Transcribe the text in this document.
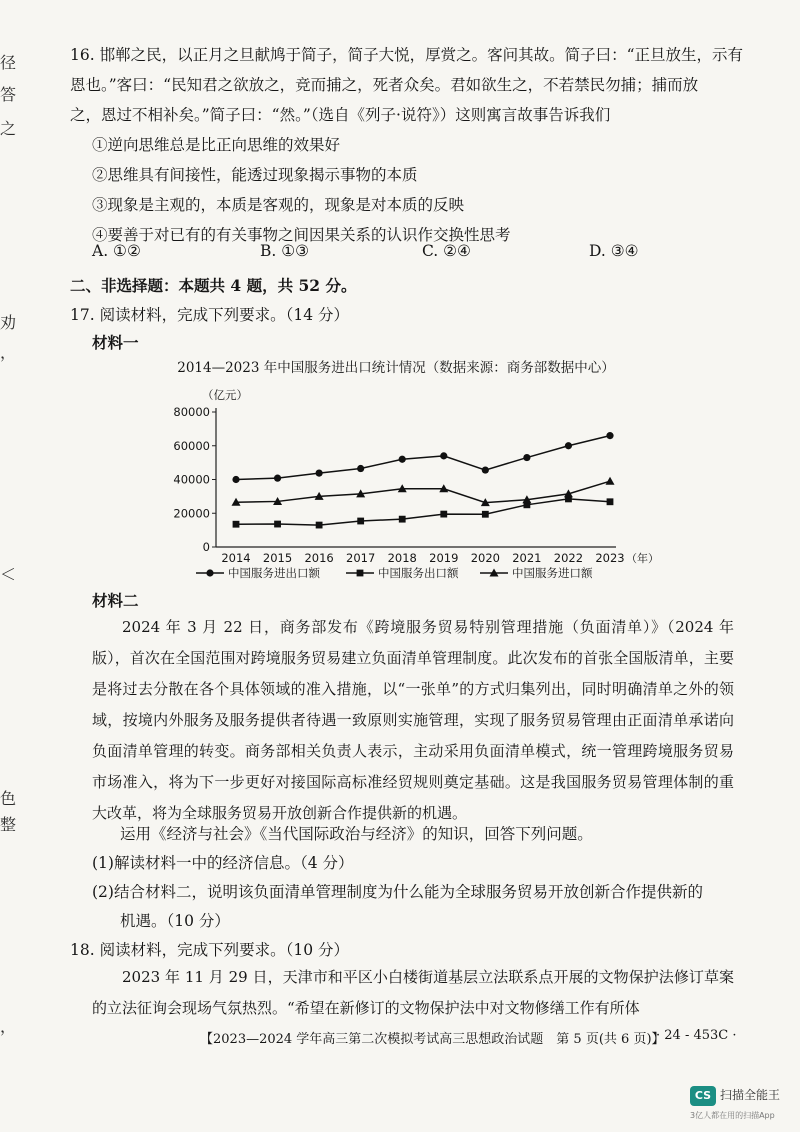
径
答
之
劝
，
＜
色
整
，
16. 邯郸之民，以正月之旦献鸠于简子，简子大悦，厚赏之。客问其故。简子曰：“正旦放生，示有
恩也。”客曰：“民知君之欲放之，竞而捕之，死者众矣。君如欲生之，不若禁民勿捕；捕而放
之，恩过不相补矣。”简子曰：“然。”（选自《列子·说符》）这则寓言故事告诉我们
①逆向思维总是比正向思维的效果好
②思维具有间接性，能透过现象揭示事物的本质
③现象是主观的，本质是客观的，现象是对本质的反映
④要善于对已有的有关事物之间因果关系的认识作交换性思考
A. ①②	B. ①③	C. ②④	D. ③④
二、非选择题：本题共 4 题，共 52 分。
17. 阅读材料，完成下列要求。（14 分）
材料一
2014—2023 年中国服务进出口统计情况（数据来源：商务部数据中心）
（亿元）
0
20000
40000
60000
80000
2014 2015 2016 2017 2018 2019 2020 2021 2022 2023 （年）
中国服务进出口额	中国服务出口额	中国服务进口额
材料二
2024 年 3 月 22 日，商务部发布《跨境服务贸易特别管理措施（负面清单）》（2024 年版），首次在全国范围对跨境服务贸易建立负面清单管理制度。此次发布的首张全国版清单，主要是将过去分散在各个具体领域的准入措施，以“一张单”的方式归集列出，同时明确清单之外的领域，按境内外服务及服务提供者待遇一致原则实施管理，实现了服务贸易管理由正面清单承诺向负面清单管理的转变。商务部相关负责人表示，主动采用负面清单模式，统一管理跨境服务贸易市场准入，将为下一步更好对接国际高标准经贸规则奠定基础。这是我国服务贸易管理体制的重大改革，将为全球服务贸易开放创新合作提供新的机遇。
运用《经济与社会》《当代国际政治与经济》的知识，回答下列问题。
(1)解读材料一中的经济信息。（4 分）
(2)结合材料二，说明该负面清单管理制度为什么能为全球服务贸易开放创新合作提供新的
机遇。（10 分）
18. 阅读材料，完成下列要求。（10 分）
2023 年 11 月 29 日，天津市和平区小白楼街道基层立法联系点开展的文物保护法修订草案的立法征询会现场气氛热烈。“希望在新修订的文物保护法中对文物修缮工作有所体
【2023—2024 学年高三第二次模拟考试高三思想政治试题　第 5 页(共 6 页)】
· 24 - 453C ·
CS 扫描全能王
3亿人都在用的扫描App
